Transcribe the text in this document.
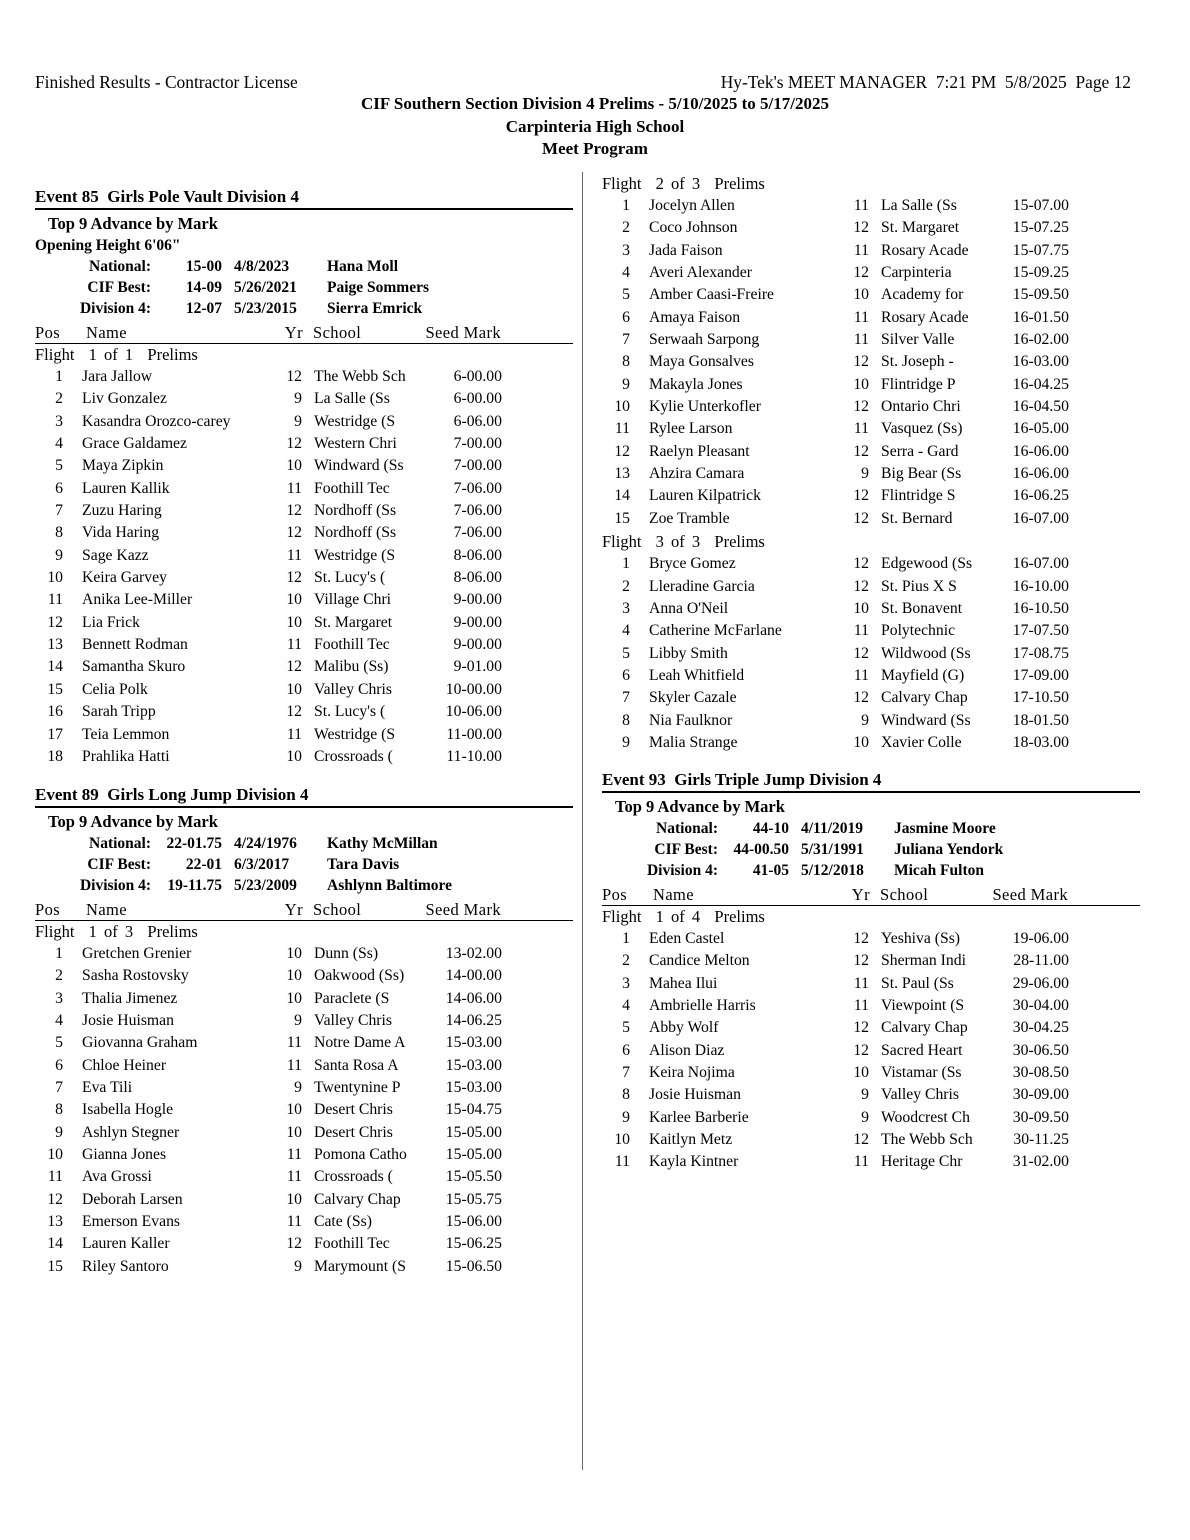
Finished Results - Contractor License	Hy-Tek's MEET MANAGER  7:21 PM  5/8/2025  Page 12
CIF Southern Section Division 4 Prelims - 5/10/2025 to 5/17/2025
Carpinteria High School
Meet Program
Event 85  Girls Pole Vault Division 4
Top 9 Advance by Mark
Opening Height 6'06"
National:	15-00 4/8/2023 Hana Moll
CIF Best:	14-09 5/26/2021 Paige Sommers
Division 4:	12-07 5/23/2015 Sierra Emrick
Pos Name	Yr School	Seed Mark
Flight  1 of 1  Prelims
1 Jara Jallow	12 The Webb Sch	6-00.00
2 Liv Gonzalez	9 La Salle (Ss	6-00.00
3 Kasandra Orozco-carey	9 Westridge (S	6-06.00
4 Grace Galdamez	12 Western Chri	7-00.00
5 Maya Zipkin	10 Windward (Ss	7-00.00
6 Lauren Kallik	11 Foothill Tec	7-06.00
7 Zuzu Haring	12 Nordhoff (Ss	7-06.00
8 Vida Haring	12 Nordhoff (Ss	7-06.00
9 Sage Kazz	11 Westridge (S	8-06.00
10 Keira Garvey	12 St. Lucy's (	8-06.00
11 Anika Lee-Miller	10 Village Chri	9-00.00
12 Lia Frick	10 St. Margaret	9-00.00
13 Bennett Rodman	11 Foothill Tec	9-00.00
14 Samantha Skuro	12 Malibu (Ss)	9-01.00
15 Celia Polk	10 Valley Chris	10-00.00
16 Sarah Tripp	12 St. Lucy's (	10-06.00
17 Teia Lemmon	11 Westridge (S	11-00.00
18 Prahlika Hatti	10 Crossroads (	11-10.00
Event 89  Girls Long Jump Division 4
Top 9 Advance by Mark
National: 22-01.75 4/24/1976 Kathy McMillan
CIF Best:	22-01 6/3/2017 Tara Davis
Division 4:	19-11.75 5/23/2009 Ashlynn Baltimore
Pos Name	Yr School	Seed Mark
Flight  1 of 3  Prelims
1 Gretchen Grenier	10 Dunn (Ss)	13-02.00
2 Sasha Rostovsky	10 Oakwood (Ss)	14-00.00
3 Thalia Jimenez	10 Paraclete (S	14-06.00
4 Josie Huisman	9 Valley Chris	14-06.25
5 Giovanna Graham	11 Notre Dame A	15-03.00
6 Chloe Heiner	11 Santa Rosa A	15-03.00
7 Eva Tili	9 Twentynine P	15-03.00
8 Isabella Hogle	10 Desert Chris	15-04.75
9 Ashlyn Stegner	10 Desert Chris	15-05.00
10 Gianna Jones	11 Pomona Catho	15-05.00
11 Ava Grossi	11 Crossroads (	15-05.50
12 Deborah Larsen	10 Calvary Chap	15-05.75
13 Emerson Evans	11 Cate (Ss)	15-06.00
14 Lauren Kaller	12 Foothill Tec	15-06.25
15 Riley Santoro	9 Marymount (S	15-06.50
Flight  2 of 3  Prelims
1 Jocelyn Allen	11 La Salle (Ss	15-07.00
2 Coco Johnson	12 St. Margaret	15-07.25
3 Jada Faison	11 Rosary Acade	15-07.75
4 Averi Alexander	12 Carpinteria	15-09.25
5 Amber Caasi-Freire	10 Academy for	15-09.50
6 Amaya Faison	11 Rosary Acade	16-01.50
7 Serwaah Sarpong	11 Silver Valle	16-02.00
8 Maya Gonsalves	12 St. Joseph -	16-03.00
9 Makayla Jones	10 Flintridge P	16-04.25
10 Kylie Unterkofler	12 Ontario Chri	16-04.50
11 Rylee Larson	11 Vasquez (Ss)	16-05.00
12 Raelyn Pleasant	12 Serra - Gard	16-06.00
13 Ahzira Camara	9 Big Bear (Ss	16-06.00
14 Lauren Kilpatrick	12 Flintridge S	16-06.25
15 Zoe Tramble	12 St. Bernard	16-07.00
Flight  3 of 3  Prelims
1 Bryce Gomez	12 Edgewood (Ss	16-07.00
2 Lleradine Garcia	12 St. Pius X S	16-10.00
3 Anna O'Neil	10 St. Bonavent	16-10.50
4 Catherine McFarlane	11 Polytechnic	17-07.50
5 Libby Smith	12 Wildwood (Ss	17-08.75
6 Leah Whitfield	11 Mayfield (G)	17-09.00
7 Skyler Cazale	12 Calvary Chap	17-10.50
8 Nia Faulknor	9 Windward (Ss	18-01.50
9 Malia Strange	10 Xavier Colle	18-03.00
Event 93  Girls Triple Jump Division 4
Top 9 Advance by Mark
National:	44-10 4/11/2019 Jasmine Moore
CIF Best: 44-00.50 5/31/1991 Juliana Yendork
Division 4:	41-05 5/12/2018 Micah Fulton
Pos Name	Yr School	Seed Mark
Flight  1 of 4  Prelims
1 Eden Castel	12 Yeshiva (Ss)	19-06.00
2 Candice Melton	12 Sherman Indi	28-11.00
3 Mahea Ilui	11 St. Paul (Ss	29-06.00
4 Ambrielle Harris	11 Viewpoint (S	30-04.00
5 Abby Wolf	12 Calvary Chap	30-04.25
6 Alison Diaz	12 Sacred Heart	30-06.50
7 Keira Nojima	10 Vistamar (Ss	30-08.50
8 Josie Huisman	9 Valley Chris	30-09.00
9 Karlee Barberie	9 Woodcrest Ch	30-09.50
10 Kaitlyn Metz	12 The Webb Sch	30-11.25
11 Kayla Kintner	11 Heritage Chr	31-02.00
